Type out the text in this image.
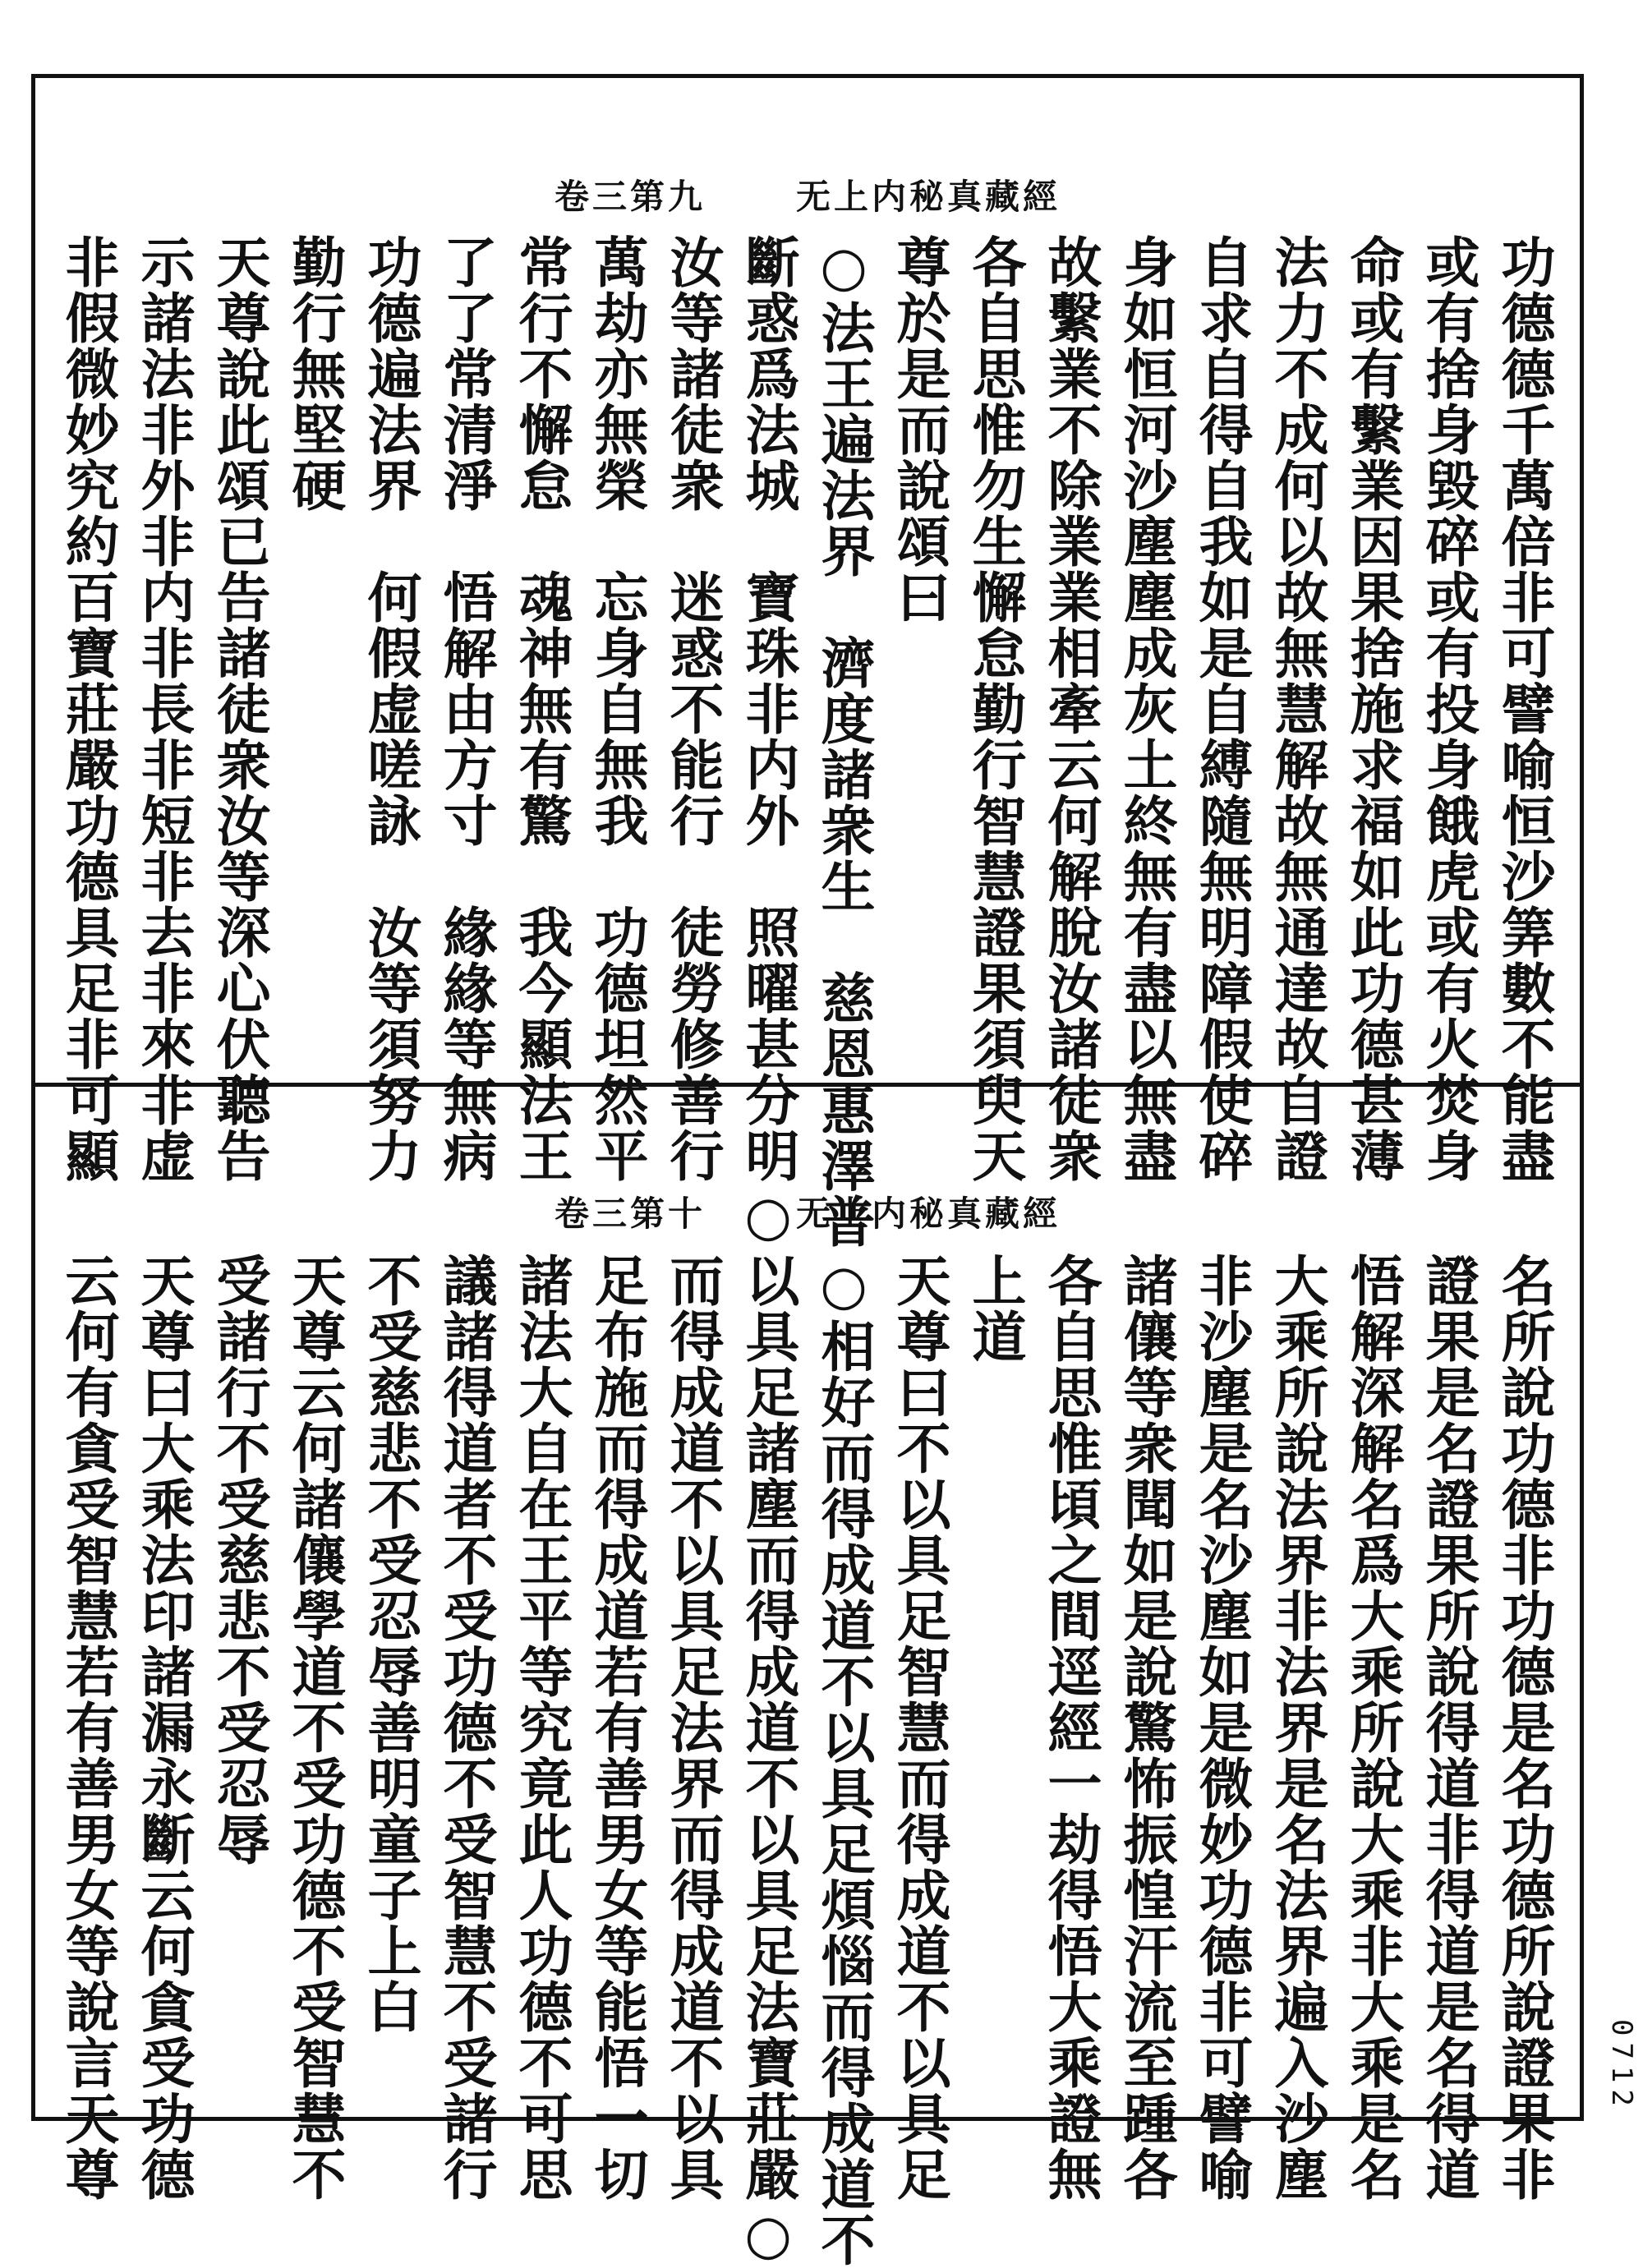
卷三第九	无上内秘真藏經
功德德千萬倍非可譬喻恒沙筭數不能盡
或有捨身毀碎或有投身餓虎或有火焚身
命或有繫業因果捨施求福如此功德甚薄
法力不成何以故無慧解故無通達故自證
自求自得自我如是自縛隨無明障假使碎
身如恒河沙塵塵成灰土終無有盡以無盡
故繫業不除業業相牽云何解脫汝諸徒衆
各自思惟勿生懈怠勤行智慧證果須臾天
尊於是而說頌曰
○法王遍法界　濟度諸衆生　慈恩惠澤普
斷惑爲法城　寶珠非内外　照曜甚分明○
汝等諸徒衆　迷惑不能行　徒勞修善行
萬劫亦無榮　忘身自無我　功德坦然平
常行不懈怠　魂神無有驚　我今顯法王
了了常清淨　悟解由方寸　緣緣等無病
功德遍法界　何假虚嗟詠　汝等須努力
勤行無堅硬
天尊說此頌已告諸徒衆汝等深心伏聽告
示諸法非外非内非長非短非去非來非虚
非假微妙究約百寶莊嚴功德具足非可顯
卷三第十	无上内秘真藏經
名所說功德非功德是名功德所說證果非
證果是名證果所說得道非得道是名得道
悟解深解名爲大乘所說大乘非大乘是名
大乘所說法界非法界是名法界遍入沙塵
非沙塵是名沙塵如是微妙功德非可譬喻
諸儴等衆聞如是說驚怖振惶汗流至踵各
各自思惟頃之間逕經一劫得悟大乘證無
上道
天尊曰不以具足智慧而得成道不以具足
○相好而得成道不以具足煩惱而得成道不
以具足諸塵而得成道不以具足法寶莊嚴○
而得成道不以具足法界而得成道不以具
足布施而得成道若有善男女等能悟一切
諸法大自在王平等究竟此人功德不可思
議諸得道者不受功德不受智慧不受諸行
不受慈悲不受忍辱善明童子上白
天尊云何諸儴學道不受功德不受智慧不
受諸行不受慈悲不受忍辱
天尊曰大乘法印諸漏永斷云何貪受功德
云何有貪受智慧若有善男女等說言天尊	0712
